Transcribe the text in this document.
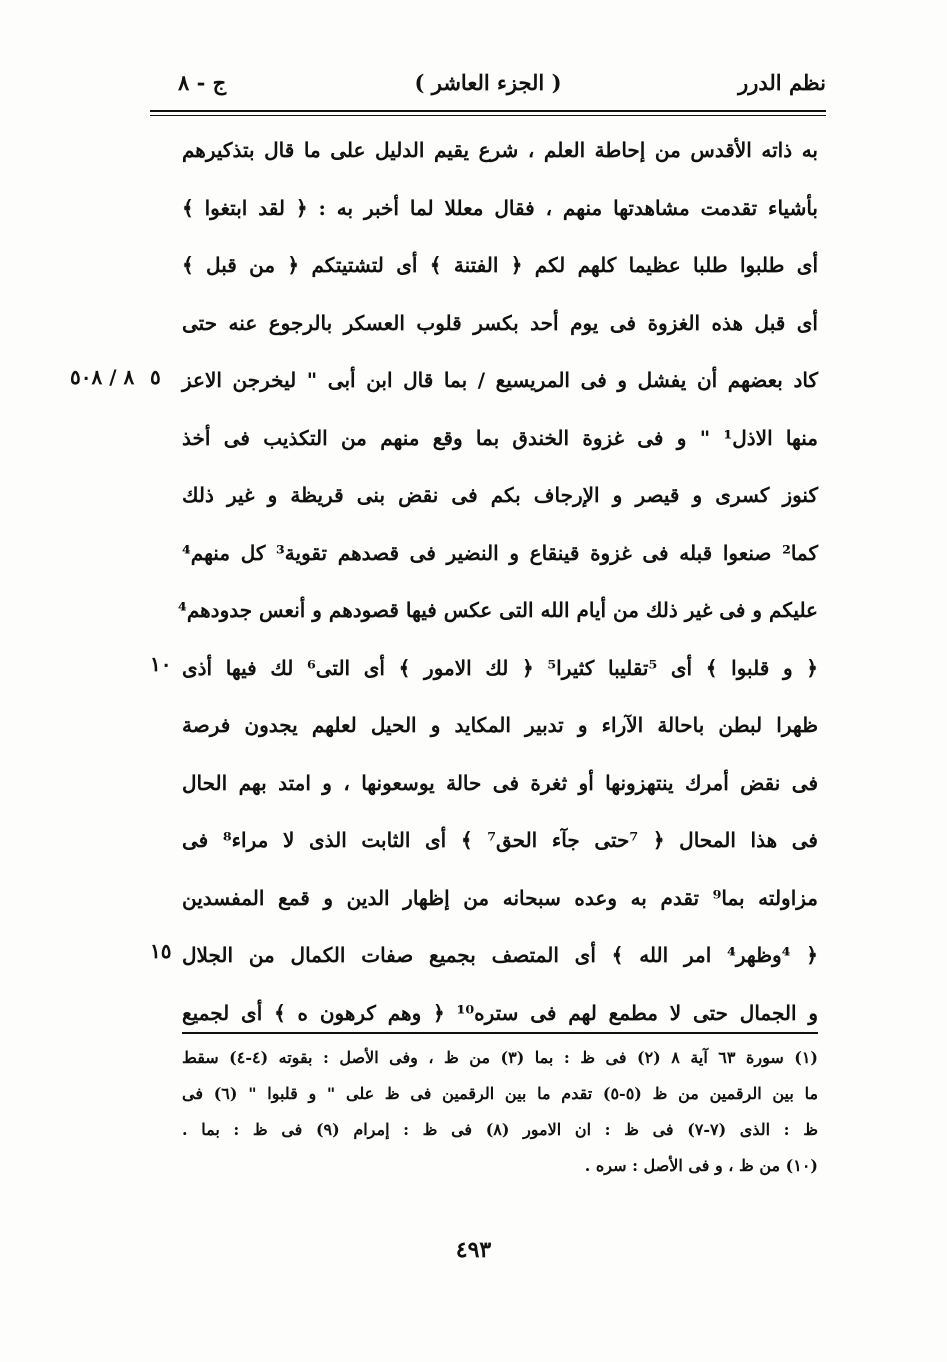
نظم الدرر
( الجزء العاشر )
ج - ٨
به ذاته الأقدس من إحاطة العلم ، شرع يقيم الدليل على ما قال بتذكيرهم
بأشياء تقدمت مشاهدتها منهم ، فقال معللا لما أخبر به : ﴿ لقد ابتغوا ﴾
أى طلبوا طلبا عظيما كلهم لكم ﴿ الفتنة ﴾ أى لتشتيتكم ﴿ من قبل ﴾
أى قبل هذه الغزوة فى يوم أحد بكسر قلوب العسكر بالرجوع عنه حتى
كاد بعضهم أن يفشل و فى المريسيع / بما قال ابن أبى " ليخرجن الاعز
منها الاذل¹ " و فى غزوة الخندق بما وقع منهم من التكذيب فى أخذ
كنوز كسرى و قيصر و الإرجاف بكم فى نقض بنى قريظة و غير ذلك
كما² صنعوا قبله فى غزوة قينقاع و النضير فى قصدهم تقوية³ كل منهم⁴
عليكم و فى غير ذلك من أيام الله التى عكس فيها قصودهم و أنعس جدودهم⁴
﴿ و قلبوا ﴾ أى ⁵تقليبا كثيرا⁵ ﴿ لك الامور ﴾ أى التى⁶ لك فيها أذى
ظهرا لبطن باحالة الآراء و تدبير المكايد و الحيل لعلهم يجدون فرصة
فى نقض أمرك ينتهزونها أو ثغرة فى حالة يوسعونها ، و امتد بهم الحال
فى هذا المحال ﴿ ⁷حتى جآء الحق⁷ ﴾ أى الثابت الذى لا مراء⁸ فى
مزاولته بما⁹ تقدم به وعده سبحانه من إظهار الدين و قمع المفسدين
﴿ ⁴وظهر⁴ امر الله ﴾ أى المتصف بجميع صفات الكمال من الجلال
و الجمال حتى لا مطمع لهم فى ستره¹⁰ ﴿ وهم كرهون ه ﴾ أى لجميع
٥
١٠
١٥
٨ / ٥٠٨
(١) سورة ٦٣ آية ٨ (٢) فى ظ : بما (٣) من ظ ، وفى الأصل : بقوته (٤-٤) سقط
ما بين الرقمين من ظ (٥-٥) تقدم ما بين الرقمين فى ظ على " و قلبوا " (٦) فى
ظ : الذى (٧-٧) فى ظ : ان الامور (٨) فى ظ : إمرام (٩) فى ظ : بما .
(١٠) من ظ ، و فى الأصل : سره .
٤٩٣
